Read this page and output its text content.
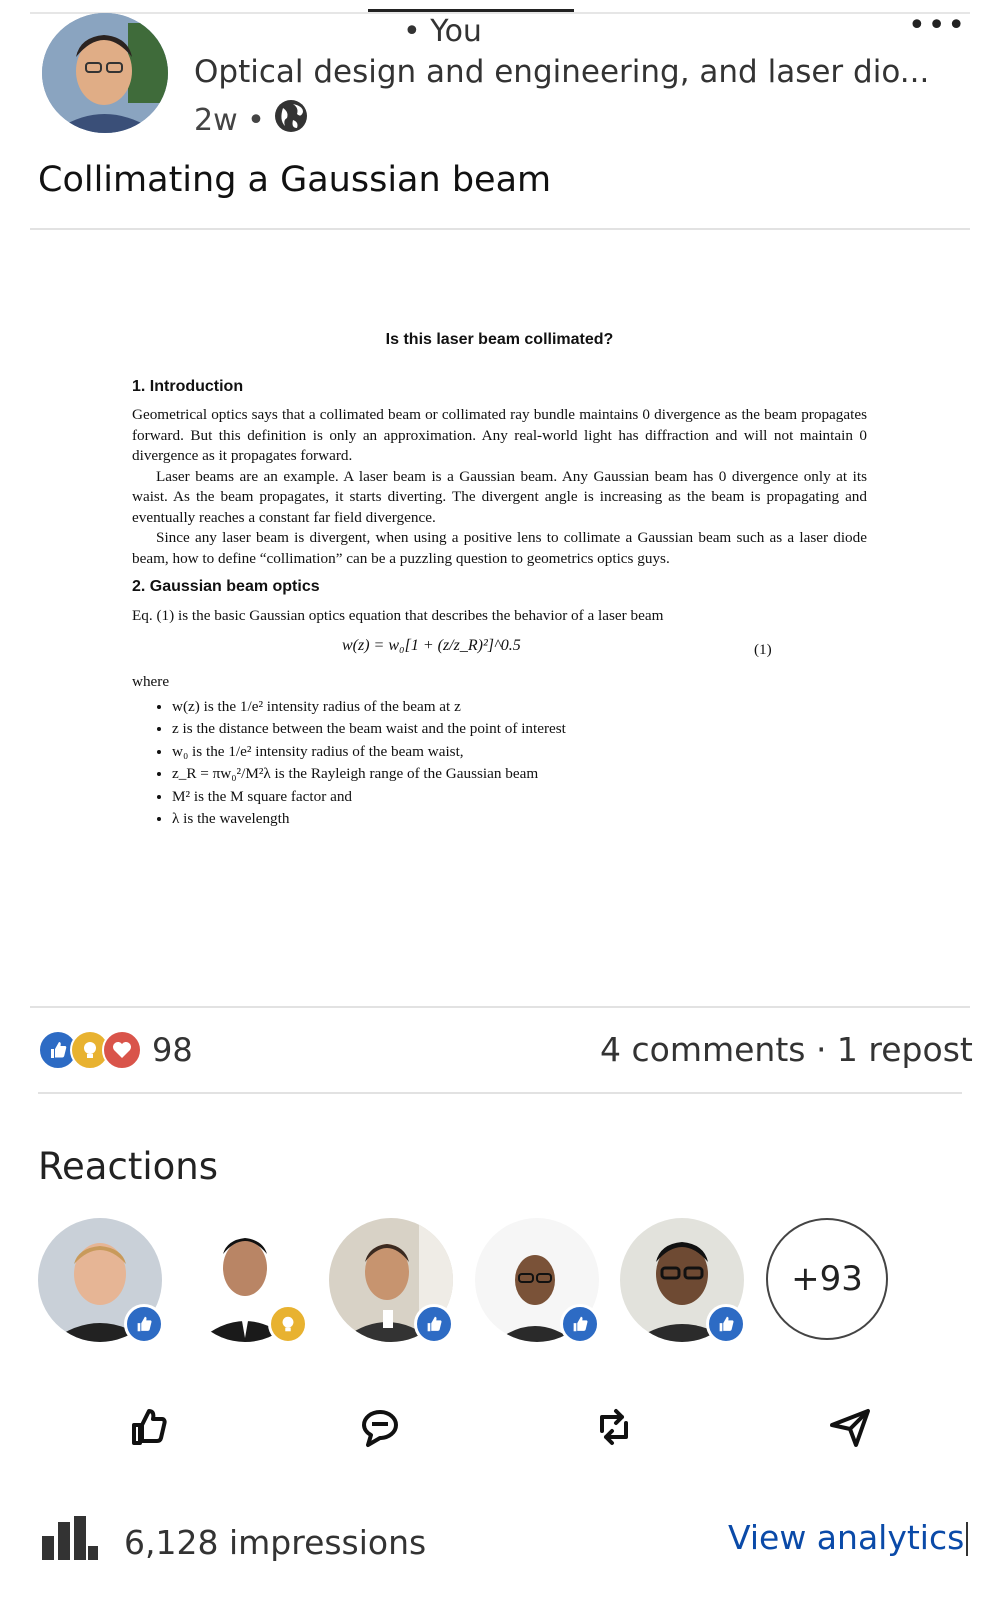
• You
Optical design and engineering, and laser dio...
2w •
•••
Collimating a Gaussian beam
Is this laser beam collimated?
1. Introduction

Geometrical optics says that a collimated beam or collimated ray bundle maintains 0 divergence as the beam propagates forward. But this definition is only an approximation. Any real-world light has diffraction and will not maintain 0 divergence as it propagates forward.

Laser beams are an example. A laser beam is a Gaussian beam. Any Gaussian beam has 0 divergence only at its waist. As the beam propagates, it starts diverting. The divergent angle is increasing as the beam is propagating and eventually reaches a constant far field divergence.

Since any laser beam is divergent, when using a positive lens to collimate a Gaussian beam such as a laser diode beam, how to define “collimation” can be a puzzling question to geometrics optics guys.

2. Gaussian beam optics

Eq. (1) is the basic Gaussian optics equation that describes the behavior of a laser beam

w(z) = w₀[1 + (z/z_R)²]^0.5	(1)

where

• w(z) is the 1/e² intensity radius of the beam at z
• z is the distance between the beam waist and the point of interest
• w₀ is the 1/e² intensity radius of the beam waist,
• z_R = πw₀²/M²λ is the Rayleigh range of the Gaussian beam
• M² is the M square factor and
• λ is the wavelength
98	4 comments · 1 repost
Reactions
+93
6,128 impressions	View analytics
